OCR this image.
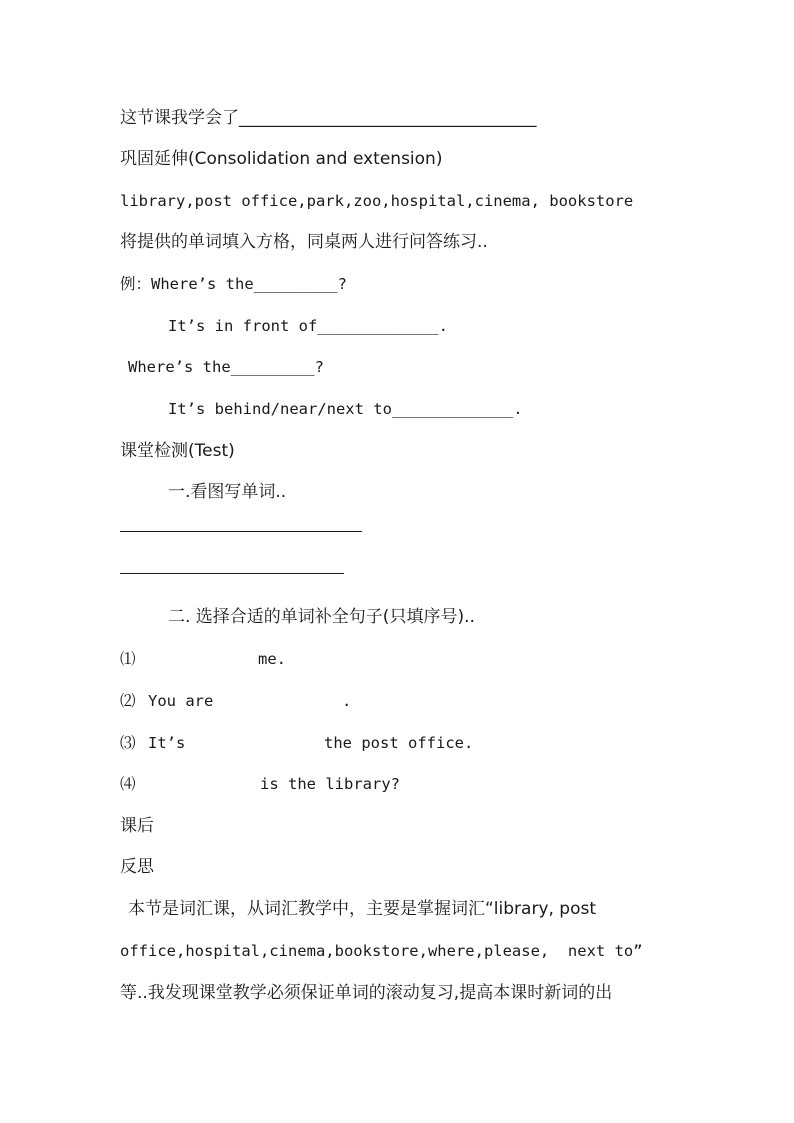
这节课我学会了___________________________________
巩固延伸(Consolidation and extension)
library,post office,park,zoo,hospital,cinema, bookstore
将提供的单词填入方格，同桌两人进行问答练习..
例：Where’s the_________?
It’s in front of_____________.
Where’s the_________?
It’s behind/near/next to_____________.
课堂检测(Test)
一.看图写单词..
二. 选择合适的单词补全句子(只填序号)..
⑴	me.
⑵ You are	.
⑶ It’s	the post office.
⑷	is the library?
课后
反思
本节是词汇课，从词汇教学中，主要是掌握词汇“library, post
office,hospital,cinema,bookstore,where,please,  next to”
等..我发现课堂教学必须保证单词的滚动复习,提高本课时新词的出
